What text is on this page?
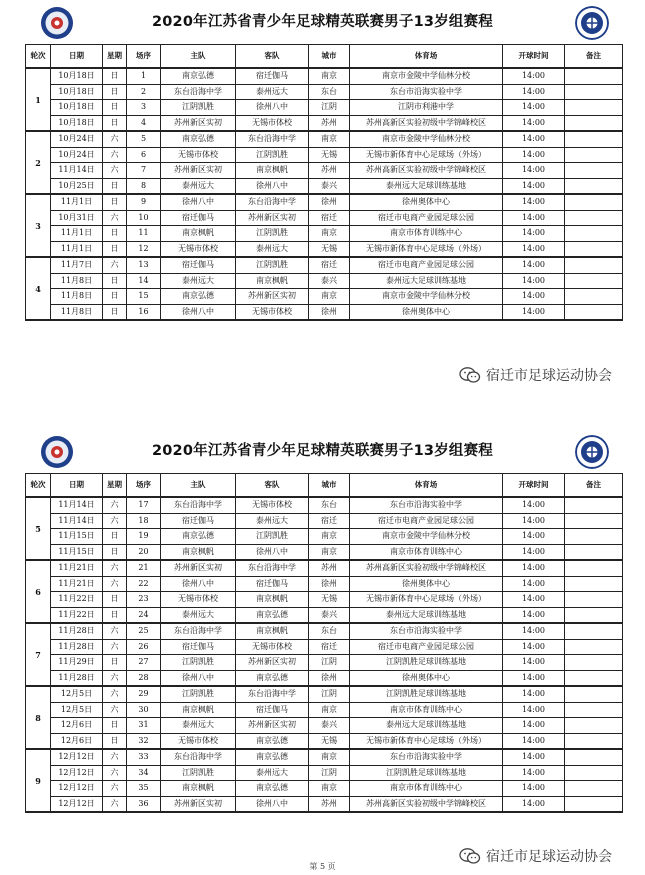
2020年江苏省青少年足球精英联赛男子13岁组赛程
轮次	日期	星期	场序	主队	客队	城市	体育场	开球时间	备注
1	10月18日	日	1	南京弘德	宿迁伽马	南京	南京市金陵中学仙林分校	14:00	
	10月18日	日	2	东台沿海中学	泰州远大	东台	东台市沿海实验中学	14:00	
	10月18日	日	3	江阴凯胜	徐州八中	江阴	江阴市利港中学	14:00	
	10月18日	日	4	苏州新区实初	无锡市体校	苏州	苏州高新区实验初级中学锦峰校区	14:00	
2	10月24日	六	5	南京弘德	东台沿海中学	南京	南京市金陵中学仙林分校	14:00	
	10月24日	六	6	无锡市体校	江阴凯胜	无锡	无锡市新体育中心足球场（外场）	14:00	
	11月14日	六	7	苏州新区实初	南京枫帆	苏州	苏州高新区实验初级中学锦峰校区	14:00	
	10月25日	日	8	泰州远大	徐州八中	泰兴	泰州远大足球训练基地	14:00	
3	11月1日	日	9	徐州八中	东台沿海中学	徐州	徐州奥体中心	14:00	
	10月31日	六	10	宿迁伽马	苏州新区实初	宿迁	宿迁市电商产业园足球公园	14:00	
	11月1日	日	11	南京枫帆	江阴凯胜	南京	南京市体育训练中心	14:00	
	11月1日	日	12	无锡市体校	泰州远大	无锡	无锡市新体育中心足球场（外场）	14:00	
4	11月7日	六	13	宿迁伽马	江阴凯胜	宿迁	宿迁市电商产业园足球公园	14:00	
	11月8日	日	14	泰州远大	南京枫帆	泰兴	泰州远大足球训练基地	14:00	
	11月8日	日	15	南京弘德	苏州新区实初	南京	南京市金陵中学仙林分校	14:00	
	11月8日	日	16	徐州八中	无锡市体校	徐州	徐州奥体中心	14:00	
宿迁市足球运动协会
2020年江苏省青少年足球精英联赛男子13岁组赛程
轮次	日期	星期	场序	主队	客队	城市	体育场	开球时间	备注
5	11月14日	六	17	东台沿海中学	无锡市体校	东台	东台市沿海实验中学	14:00	
	11月14日	六	18	宿迁伽马	泰州远大	宿迁	宿迁市电商产业园足球公园	14:00	
	11月15日	日	19	南京弘德	江阴凯胜	南京	南京市金陵中学仙林分校	14:00	
	11月15日	日	20	南京枫帆	徐州八中	南京	南京市体育训练中心	14:00	
6	11月21日	六	21	苏州新区实初	东台沿海中学	苏州	苏州高新区实验初级中学锦峰校区	14:00	
	11月21日	六	22	徐州八中	宿迁伽马	徐州	徐州奥体中心	14:00	
	11月22日	日	23	无锡市体校	南京枫帆	无锡	无锡市新体育中心足球场（外场）	14:00	
	11月22日	日	24	泰州远大	南京弘德	泰兴	泰州远大足球训练基地	14:00	
7	11月28日	六	25	东台沿海中学	南京枫帆	东台	东台市沿海实验中学	14:00	
	11月28日	六	26	宿迁伽马	无锡市体校	宿迁	宿迁市电商产业园足球公园	14:00	
	11月29日	日	27	江阴凯胜	苏州新区实初	江阴	江阴凯胜足球训练基地	14:00	
	11月28日	六	28	徐州八中	南京弘德	徐州	徐州奥体中心	14:00	
8	12月5日	六	29	江阴凯胜	东台沿海中学	江阴	江阴凯胜足球训练基地	14:00	
	12月5日	六	30	南京枫帆	宿迁伽马	南京	南京市体育训练中心	14:00	
	12月6日	日	31	泰州远大	苏州新区实初	泰兴	泰州远大足球训练基地	14:00	
	12月6日	日	32	无锡市体校	南京弘德	无锡	无锡市新体育中心足球场（外场）	14:00	
9	12月12日	六	33	东台沿海中学	南京弘德	南京	东台市沿海实验中学	14:00	
	12月12日	六	34	江阴凯胜	泰州远大	江阴	江阴凯胜足球训练基地	14:00	
	12月12日	六	35	南京枫帆	南京弘德	南京	南京市体育训练中心	14:00	
	12月12日	六	36	苏州新区实初	徐州八中	苏州	苏州高新区实验初级中学锦峰校区	14:00	
宿迁市足球运动协会
第 5 页
